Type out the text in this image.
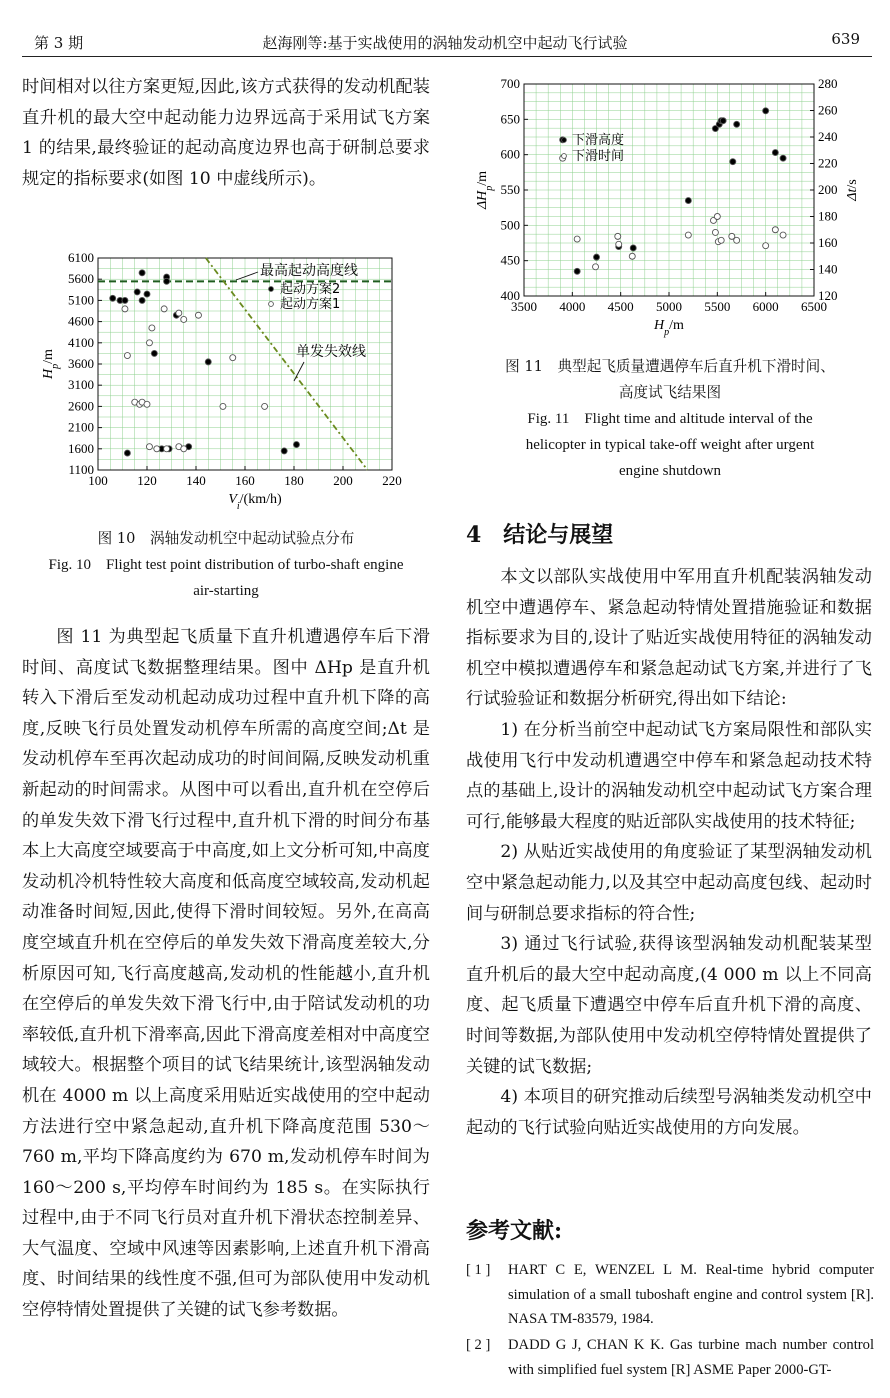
第 3 期	赵海刚等:基于实战使用的涡轴发动机空中起动飞行试验	639

时间相对以往方案更短,因此,该方式获得的发动机配装直升机的最大空中起动能力边界远高于采用试飞方案 1 的结果,最终验证的起动高度边界也高于研制总要求规定的指标要求(如图 10 中虚线所示)。

100 120 140 160 180 200 220
1100
1600
2100
2600
3100
3600
4100
4600
5100
5600
6100
$V_i/(km/h)$
$H_p/m$
最高起动高度线
单发失效线
起动方案2
起动方案1
图 10　涡轴发动机空中起动试验点分布
Fig. 10　Flight test point distribution of turbo-shaft engine air-starting

图 11 为典型起飞质量下直升机遭遇停车后下滑时间、高度试飞数据整理结果。图中 ΔHp 是直升机转入下滑后至发动机起动成功过程中直升机下降的高度,反映飞行员处置发动机停车所需的高度空间;Δt 是发动机停车至再次起动成功的时间间隔,反映发动机重新起动的时间需求。从图中可以看出,直升机在空停后的单发失效下滑飞行过程中,直升机下滑的时间分布基本上大高度空域要高于中高度,如上文分析可知,中高度发动机冷机特性较大高度和低高度空域较高,发动机起动准备时间短,因此,使得下滑时间较短。另外,在高高度空域直升机在空停后的单发失效下滑高度差较大,分析原因可知,飞行高度越高,发动机的性能越小,直升机在空停后的单发失效下滑飞行中,由于陪试发动机的功率较低,直升机下滑率高,因此下滑高度差相对中高度空域较大。根据整个项目的试飞结果统计,该型涡轴发动机在 4000 m 以上高度采用贴近实战使用的空中起动方法进行空中紧急起动,直升机下降高度范围 530～760 m,平均下降高度约为 670 m,发动机停车时间为 160～200 s,平均停车时间约为 185 s。在实际执行过程中,由于不同飞行员对直升机下滑状态控制差异、大气温度、空域中风速等因素影响,上述直升机下滑高度、时间结果的线性度不强,但可为部队使用中发动机空停特情处置提供了关键的试飞参考数据。

3500 4000 4500 5000 5500 6000 6500
400
450
500
550
600
650
700
120
140
160
180
200
220
240
260
280
$H_p/m$
$\Delta H_p/m$
Δt/s
下滑高度
下滑时间
图 11　典型起飞质量遭遇停车后直升机下滑时间、高度试飞结果图
Fig. 11　Flight time and altitude interval of the helicopter in typical take-off weight after urgent engine shutdown
4　结论与展望

本文以部队实战使用中军用直升机配装涡轴发动机空中遭遇停车、紧急起动特情处置措施验证和数据指标要求为目的,设计了贴近实战使用特征的涡轴发动机空中模拟遭遇停车和紧急起动试飞方案,并进行了飞行试验验证和数据分析研究,得出如下结论:

1) 在分析当前空中起动试飞方案局限性和部队实战使用飞行中发动机遭遇空中停车和紧急起动技术特点的基础上,设计的涡轴发动机空中起动试飞方案合理可行,能够最大程度的贴近部队实战使用的技术特征;

2) 从贴近实战使用的角度验证了某型涡轴发动机空中紧急起动能力,以及其空中起动高度包线、起动时间与研制总要求指标的符合性;

3) 通过飞行试验,获得该型涡轴发动机配装某型直升机后的最大空中起动高度,(4 000 m 以上不同高度、起飞质量下遭遇空中停车后直升机下滑的高度、时间等数据,为部队使用中发动机空停特情处置提供了关键的试飞数据;

4) 本项目的研究推动后续型号涡轴类发动机空中起动的飞行试验向贴近实战使用的方向发展。

参考文献:
[ 1 ] HART C E, WENZEL L M. Real-time hybrid computer simulation of a small tuboshaft engine and control system [R]. NASA TM-83579, 1984.
[ 2 ] DADD G J, CHAN K K. Gas turbine mach number control with simplified fuel system [R] ASME Paper 2000-GT-
